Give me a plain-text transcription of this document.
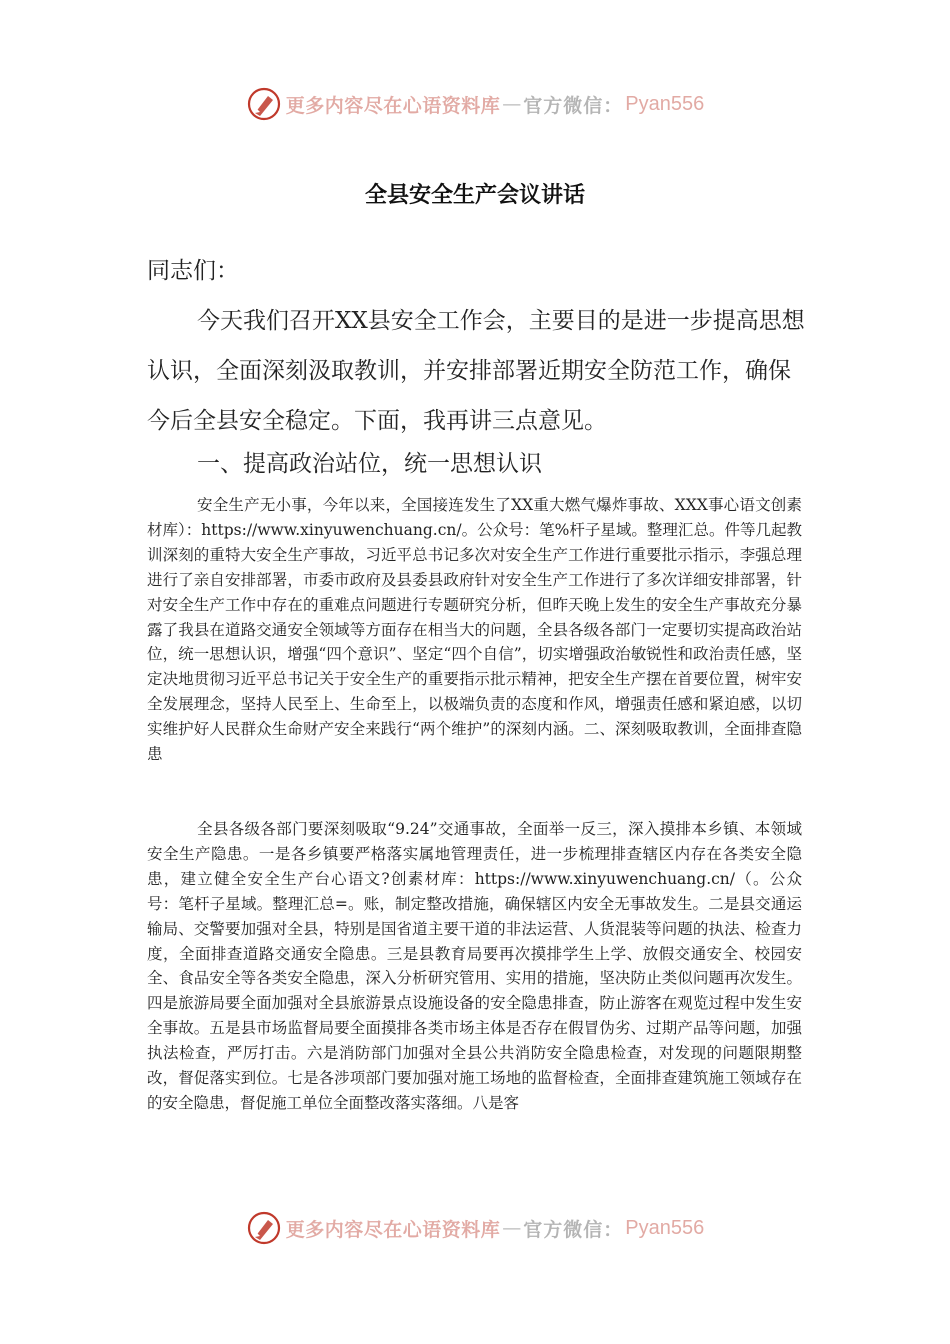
更多内容尽在心语资料库 — 官方微信： Pyan556
全县安全生产会议讲话
同志们：
今天我们召开XX县安全工作会，主要目的是进一步提高思想认识，全面深刻汲取教训，并安排部署近期安全防范工作，确保今后全县安全稳定。下面，我再讲三点意见。
一、提高政治站位，统一思想认识
安全生产无小事，今年以来，全国接连发生了XX重大燃气爆炸事故、XXX事心语文创素材库）：https://www.xinyuwenchuang.cn/。公众号：笔%杆子星域。整理汇总。件等几起教训深刻的重特大安全生产事故，习近平总书记多次对安全生产工作进行重要批示指示，李强总理进行了亲自安排部署，市委市政府及县委县政府针对安全生产工作进行了多次详细安排部署，针对安全生产工作中存在的重难点问题进行专题研究分析，但昨天晚上发生的安全生产事故充分暴露了我县在道路交通安全领域等方面存在相当大的问题，全县各级各部门一定要切实提高政治站位，统一思想认识，增强“四个意识”、坚定“四个自信”，切实增强政治敏锐性和政治责任感，坚定决地贯彻习近平总书记关于安全生产的重要指示批示精神，把安全生产摆在首要位置，树牢安全发展理念，坚持人民至上、生命至上，以极端负责的态度和作风，增强责任感和紧迫感，以切实维护好人民群众生命财产安全来践行“两个维护”的深刻内涵。二、深刻吸取教训，全面排查隐患
全县各级各部门要深刻吸取“9.24”交通事故，全面举一反三，深入摸排本乡镇、本领域安全生产隐患。一是各乡镇要严格落实属地管理责任，进一步梳理排查辖区内存在各类安全隐患，建立健全安全生产台心语文?创素材库：https://www.xinyuwenchuang.cn/（。公众号：笔杆子星域。整理汇总=。账，制定整改措施，确保辖区内安全无事故发生。二是县交通运输局、交警要加强对全县，特别是国省道主要干道的非法运营、人货混装等问题的执法、检查力度，全面排查道路交通安全隐患。三是县教育局要再次摸排学生上学、放假交通安全、校园安全、食品安全等各类安全隐患，深入分析研究管用、实用的措施，坚决防止类似问题再次发生。四是旅游局要全面加强对全县旅游景点设施设备的安全隐患排查，防止游客在观览过程中发生安全事故。五是县市场监督局要全面摸排各类市场主体是否存在假冒伪劣、过期产品等问题，加强执法检查，严厉打击。六是消防部门加强对全县公共消防安全隐患检查，对发现的问题限期整改，督促落实到位。七是各涉项部门要加强对施工场地的监督检查，全面排查建筑施工领域存在的安全隐患，督促施工单位全面整改落实落细。八是客
更多内容尽在心语资料库 — 官方微信： Pyan556
